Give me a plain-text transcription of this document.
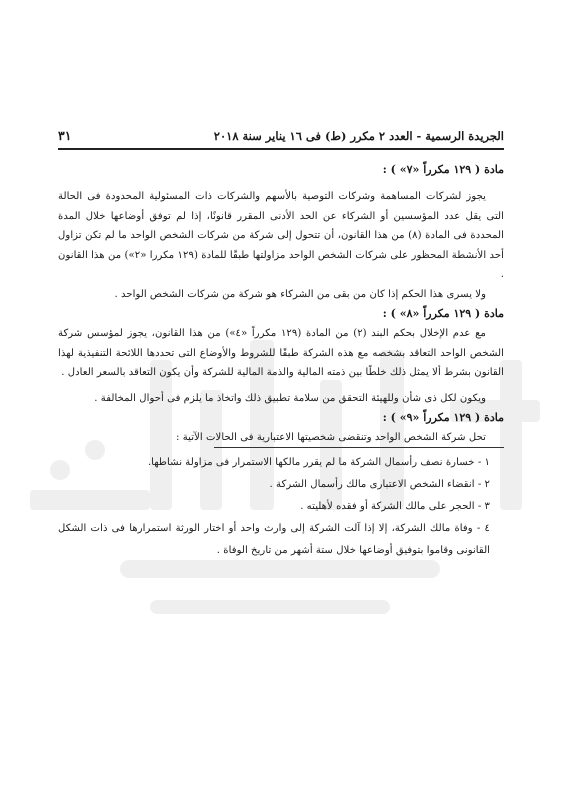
الجريدة الرسمية - العدد ٢ مكرر (ط) فى ١٦ يناير سنة ٢٠١٨
٣١
مادة ( ١٢٩ مكرراً «٧» ) :

يجوز لشركات المساهمة وشركات التوصية بالأسهم والشركات ذات المسئولية المحدودة فى الحالة التى يقل عدد المؤسسين أو الشركاء عن الحد الأدنى المقرر قانونًا، إذا لم توفق أوضاعها خلال المدة المحددة فى المادة (٨) من هذا القانون، أن تتحول إلى شركة من شركات الشخص الواحد ما لم تكن تزاول أحد الأنشطة المحظور على شركات الشخص الواحد مزاولتها طبقًا للمادة (١٢٩ مكررا «٢») من هذا القانون .

ولا يسرى هذا الحكم إذا كان من بقى من الشركاء هو شركة من شركات الشخص الواحد .

مادة ( ١٢٩ مكرراً «٨» ) :

مع عدم الإخلال بحكم البند (٢) من المادة (١٢٩ مكرراً «٤») من هذا القانون، يجوز لمؤسس شركة الشخص الواحد التعاقد بشخصه مع هذه الشركة طبقًا للشروط والأوضاع التى تحددها اللائحة التنفيذية لهذا القانون بشرط ألا يمثل ذلك خلطًا بين ذمته المالية والذمة المالية للشركة وأن يكون التعاقد بالسعر العادل .

ويكون لكل ذى شأن وللهيئة التحقق من سلامة تطبيق ذلك واتخاذ ما يلزم فى أحوال المخالفة .

مادة ( ١٢٩ مكرراً «٩» ) :

تحل شركة الشخص الواحد وتنقضى شخصيتها الاعتبارية فى الحالات الآتية :

١ - خسارة نصف رأسمال الشركة ما لم يقرر مالكها الاستمرار فى مزاولة نشاطها.

٢ - انقضاء الشخص الاعتبارى مالك رأسمال الشركة .

٣ - الحجر على مالك الشركة أو فقده لأهليته .

٤ - وفاة مالك الشركة، إلا إذا آلت الشركة إلى وارث واحد أو اختار الورثة استمرارها فى ذات الشكل القانونى وقاموا بتوفيق أوضاعها خلال ستة أشهر من تاريخ الوفاة .
